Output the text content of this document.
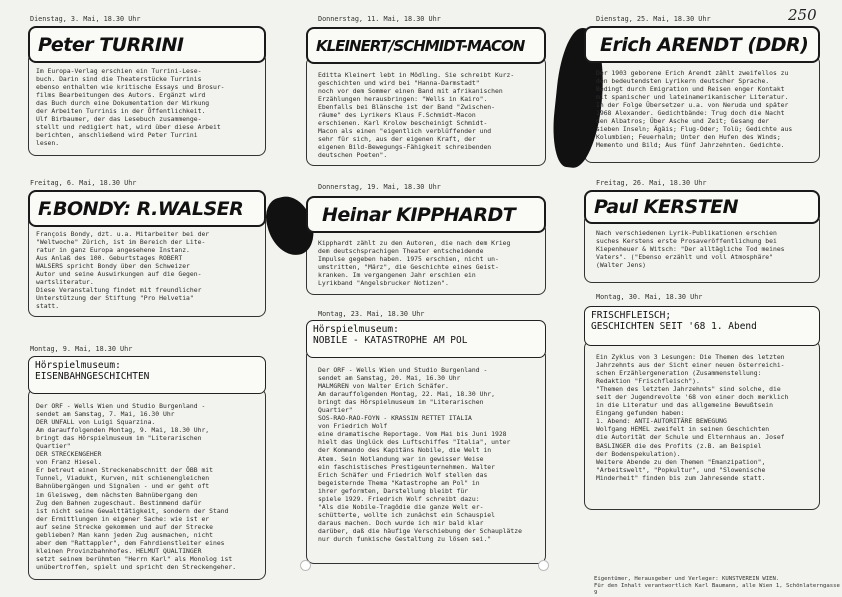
250
Dienstag, 3. Mai, 18.30 Uhr
Peter TURRINI
Im Europa-Verlag erschien ein Turrini-Lese-
buch. Darin sind die Theaterstücke Turrinis
ebenso enthalten wie kritische Essays und Brosur-
films Bearbeitungen des Autors. Ergänzt wird
das Buch durch eine Dokumentation der Wirkung
der Arbeiten Turrinis in der Öffentlichkeit.
Ulf Birbaumer, der das Lesebuch zusammenge-
stellt und redigiert hat, wird über diese Arbeit
berichten, anschließend wird Peter Turrini
lesen.
Freitag, 6. Mai, 18.30 Uhr
F.BONDY: R.WALSER
François Bondy, dzt. u.a. Mitarbeiter bei der
"Weltwoche" Zürich, ist im Bereich der Lite-
ratur in ganz Europa angesehene Instanz.
Aus Anlaß des 100. Geburtstages ROBERT
WALSERS spricht Bondy über den Schweizer
Autor und seine Auswirkungen auf die Gegen-
wartsliteratur.
Diese Veranstaltung findet mit freundlicher
Unterstützung der Stiftung "Pro Helvetia"
statt.
Montag, 9. Mai, 18.30 Uhr
Hörspielmuseum:
EISENBAHNGESCHICHTEN
Der ORF - Wells Wien und Studio Burgenland -
sendet am Samstag, 7. Mai, 16.30 Uhr
DER UNFALL von Luigi Squarzina.
Am darauffolgenden Montag, 9. Mai, 18.30 Uhr,
bringt das Hörspielmuseum im "Literarischen
Quartier"
DER STRECKENGEHER
von Franz Hiesel.
Er betreut einen Streckenabschnitt der ÖBB mit
Tunnel, Viadukt, Kurven, mit schienengleichen
Bahnübergängen und Signalen - und er geht oft
im Gleisweg, dem nächsten Bahnübergang den
Zug den Bahnen zugeschaut. Bestimmend dafür
ist nicht seine Gewalttätigkeit, sondern der Stand
der Ermittlungen in eigener Sache: wie ist er
auf seine Strecke gekommen und auf der Strecke
geblieben? Man kann jeden Zug ausmachen, nicht
aber dem "Rattappler", dem Fahrdienstleiter eines
kleinen Provinzbahnhofes. HELMUT QUALTINGER
setzt seinem berühmten "Herrn Karl" als Monolog ist
unübertroffen, spielt und spricht den Streckengeher.
Donnerstag, 11. Mai, 18.30 Uhr
KLEINERT/SCHMIDT-MACON
Editta Kleinert lebt in Mödling. Sie schreibt Kurz-
geschichten und wird bei "Hanna-Darmstadt"
noch vor dem Sommer einen Band mit afrikanischen
Erzählungen herausbringen: "Wells in Kairo".
Ebenfalls bei Blänsche ist der Band "Zwischen-
räume" des Lyrikers Klaus F.Schmidt-Macon
erschienen. Karl Krolow bescheinigt Schmidt-
Macon als einen "eigentlich verblüffender und
sehr für sich, aus der eigenen Kraft, der
eigenen Bild-Bewegungs-Fähigkeit schreibenden
deutschen Poeten".
Donnerstag, 19. Mai, 18.30 Uhr
Heinar KIPPHARDT
Kipphardt zählt zu den Autoren, die nach dem Krieg
dem deutschsprachigen Theater entscheidende
Impulse gegeben haben. 1975 erschien, nicht un-
umstritten, "März", die Geschichte eines Geist-
kranken. Im vergangenen Jahr erschien ein
Lyrikband "Angelsbrucker Notizen".
Montag, 23. Mai, 18.30 Uhr
Hörspielmuseum:
NOBILE - KATASTROPHE AM POL
Der ORF - Wells Wien und Studio Burgenland -
sendet am Samstag, 20. Mai, 16.30 Uhr
MALMGREN von Walter Erich Schäfer.
Am darauffolgenden Montag, 22. Mai, 18.30 Uhr,
bringt das Hörspielmuseum im "Literarischen
Quartier"
SOS-RAO-RAO-FOYN - KRASSIN RETTET ITALIA
von Friedrich Wolf
eine dramatische Reportage. Vom Mai bis Juni 1928
hielt das Unglück des Luftschiffes "Italia", unter
der Kommando des Kapitäns Nobile, die Welt in
Atem. Sein Notlandung war in gewisser Weise
ein faschistisches Prestigeunternehmen. Walter
Erich Schäfer und Friedrich Wolf stellen das
begeisternde Thema "Katastrophe am Pol" in
ihrer geformten, Darstellung bleibt für
spiele 1929. Friedrich Wolf schreibt dazu:
"Als die Nobile-Tragödie die ganze Welt er-
schütterte, wollte ich zunächst ein Schauspiel
daraus machen. Doch wurde ich mir bald klar
darüber, daß die häufige Verschiebung der Schauplätze
nur durch funkische Gestaltung zu lösen sei."
Dienstag, 25. Mai, 18.30 Uhr
Erich ARENDT (DDR)
Der 1903 geborene Erich Arendt zählt zweifellos zu
den bedeutendsten Lyrikern deutscher Sprache.
Bedingt durch Emigration und Reisen enger Kontakt
mit spanischer und lateinamerikanischer Literatur.
In der Folge Übersetzer u.a. von Neruda und später
1968 Alexander. Gedichtbände: Trug doch die Nacht
den Albatros; Über Asche und Zeit; Gesang der
sieben Inseln; Ägäis; Flug-Oder; Tolü; Gedichte aus
Kolumbien; Feuerhalm; Unter den Hufen des Winds;
Memento und Bild; Aus fünf Jahrzehnten. Gedichte.
Freitag, 26. Mai, 18.30 Uhr
Paul KERSTEN
Nach verschiedenen Lyrik-Publikationen erschien
suches Kerstens erste Prosaveröffentlichung bei
Kiepenheuer & Witsch: "Der alltägliche Tod meines
Vaters". ("Ebenso erzählt und voll Atmosphäre"
(Walter Jens)
Montag, 30. Mai, 18.30 Uhr
FRISCHFLEISCH;
GESCHICHTEN SEIT '68 1. Abend
Ein Zyklus von 3 Lesungen: Die Themen des letzten
Jahrzehnts aus der Sicht einer neuen österreichi-
schen Erzählergeneration (Zusammenstellung:
Redaktion "Frischfleisch").
"Themen des letzten Jahrzehnts" sind solche, die
seit der Jugendrevolte '68 von einer doch merklich
in die Literatur und das allgemeine Bewußtsein
Eingang gefunden haben:
1. Abend: ANTI-AUTORITÄRE BEWEGUNG
Wolfgang HEMEL zweifelt in seinen Geschichten
die Autorität der Schule und Elternhaus an. Josef
BASLINGER die des Profits (z.B. am Beispiel
der Bodenspekulation).
Weitere Abende zu den Themen "Emanzipation",
"Arbeitswelt", "Popkultur", und "Slowenische
Minderheit" finden bis zum Jahresende statt.
Eigentümer, Herausgeber und Verleger: KUNSTVEREIN WIEN.
Für den Inhalt verantwortlich Karl Baumann, alle Wien 1, Schönlaterngasse 9
